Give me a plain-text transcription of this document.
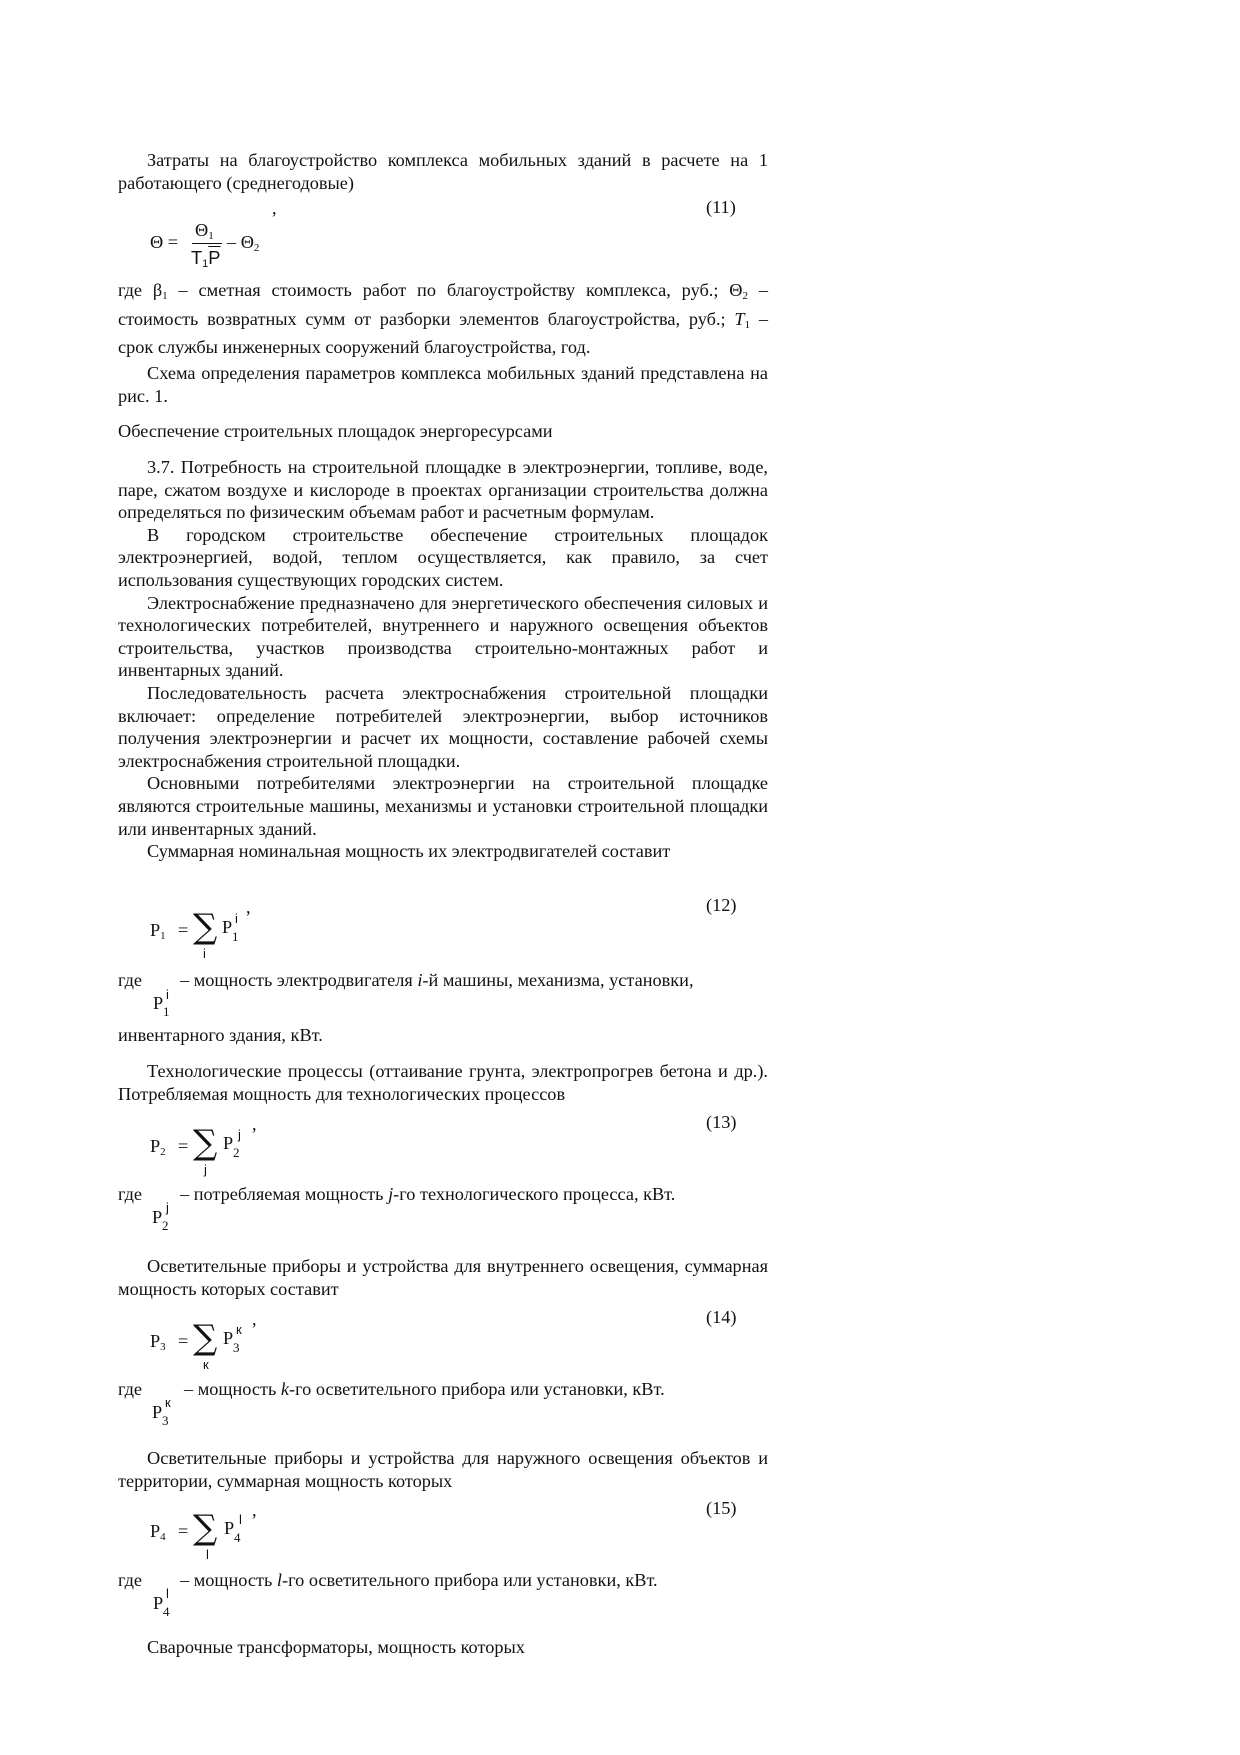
Затраты на благоустройство комплекса мобильных зданий в расчете на 1 работающего (среднегодовые)

,	(11)
Θ =
$\Theta_1$
$T_1\overline{P}$
– $\Theta_2$

где $\beta_1$ – сметная стоимость работ по благоустройству комплекса, руб.; $\Theta_2$ – стоимость возвратных сумм от разборки элементов благоустройства, руб.; $T_1$ – срок службы инженерных сооружений благоустройства, год.

Схема определения параметров комплекса мобильных зданий представлена на рис. 1.

Обеспечение строительных площадок энергоресурсами

3.7. Потребность на строительной площадке в электроэнергии, топливе, воде, паре, сжатом воздухе и кислороде в проектах организации строительства должна определяться по физическим объемам работ и расчетным формулам.

В городском строительстве обеспечение строительных площадок электроэнергией, водой, теплом осуществляется, как правило, за счет использования существующих городских систем.

Электроснабжение предназначено для энергетического обеспечения силовых и технологических потребителей, внутреннего и наружного освещения объектов строительства, участков производства строительно-монтажных работ и инвентарных зданий.

Последовательность расчета электроснабжения строительной площадки включает: определение потребителей электроэнергии, выбор источников получения электроэнергии и расчет их мощности, составление рабочей схемы электроснабжения строительной площадки.

Основными потребителями электроэнергии на строительной площадке являются строительные машины, механизмы и установки строительной площадки или инвентарных зданий.

Суммарная номинальная мощность их электродвигателей составит

,	(12)
$P_1$ = ∑
i
P 1
i
где – мощность электродвигателя i-й машины, механизма, установки,
P 1
i
инвентарного здания, кВт.

Технологические процессы (оттаивание грунта, электропрогрев бетона и др.). Потребляемая мощность для технологических процессов

,	(13)
$P_2$ = ∑
j
P 2
j
где – потребляемая мощность j-го технологического процесса, кВт.
P 2
j

Осветительные приборы и устройства для внутреннего освещения, суммарная мощность которых составит

,	(14)
$P_3$ = ∑
к
P 3
к
где – мощность k-го осветительного прибора или установки, кВт.
P 3
к

Осветительные приборы и устройства для наружного освещения объектов и территории, суммарная мощность которых

,	(15)
$P_4$ = ∑
l
P 4
l
где – мощность l-го осветительного прибора или установки, кВт.
P 4
l

Сварочные трансформаторы, мощность которых
